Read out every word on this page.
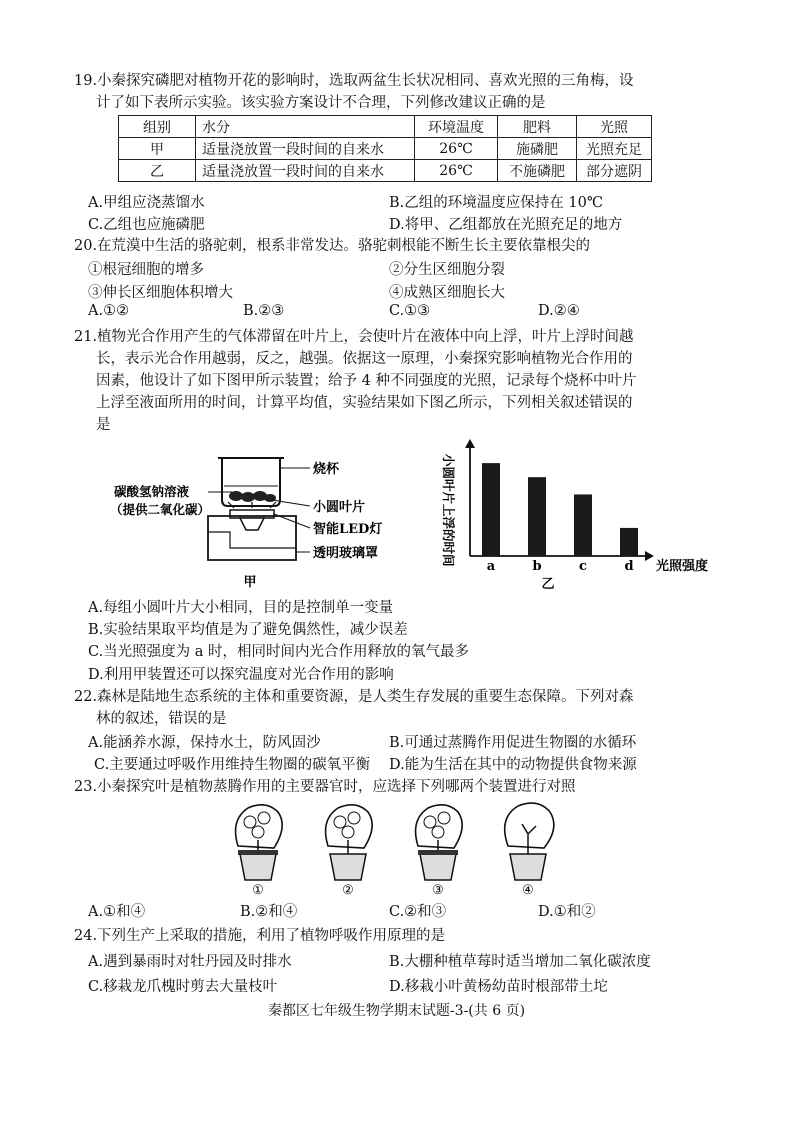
19.小秦探究磷肥对植物开花的影响时，选取两盆生长状况相同、喜欢光照的三角梅，设
计了如下表所示实验。该实验方案设计不合理，下列修改建议正确的是
组别	水分	环境温度	肥料	光照
甲	适量浇放置一段时间的自来水	26℃	施磷肥	光照充足
乙	适量浇放置一段时间的自来水	26℃	不施磷肥	部分遮阴
A.甲组应浇蒸馏水	B.乙组的环境温度应保持在 10℃
C.乙组也应施磷肥	D.将甲、乙组都放在光照充足的地方
20.在荒漠中生活的骆驼刺，根系非常发达。骆驼刺根能不断生长主要依靠根尖的
①根冠细胞的增多	②分生区细胞分裂
③伸长区细胞体积增大	④成熟区细胞长大
A.①②	B.②③	C.①③	D.②④
21.植物光合作用产生的气体滞留在叶片上，会使叶片在液体中向上浮，叶片上浮时间越
长，表示光合作用越弱，反之，越强。依据这一原理，小秦探究影响植物光合作用的
因素，他设计了如下图甲所示装置；给予 4 种不同强度的光照，记录每个烧杯中叶片
上浮至液面所用的时间，计算平均值，实验结果如下图乙所示，下列相关叙述错误的
是
烧杯
碳酸氢钠溶液
（提供二氧化碳）	小圆叶片
智能LED灯
透明玻璃罩
甲
小圆叶片上浮的时间 a	b	c	d 光照强度
乙
A.每组小圆叶片大小相同，目的是控制单一变量
B.实验结果取平均值是为了避免偶然性，减少误差
C.当光照强度为 a 时，相同时间内光合作用释放的氧气最多
D.利用甲装置还可以探究温度对光合作用的影响
22.森林是陆地生态系统的主体和重要资源，是人类生存发展的重要生态保障。下列对森
林的叙述，错误的是
A.能涵养水源，保持水土，防风固沙	B.可通过蒸腾作用促进生物圈的水循环
C.主要通过呼吸作用维持生物圈的碳氧平衡 D.能为生活在其中的动物提供食物来源
23.小秦探究叶是植物蒸腾作用的主要器官时，应选择下列哪两个装置进行对照
①	②	③	④
A.①和④	B.②和④	C.②和③	D.①和②
24.下列生产上采取的措施，利用了植物呼吸作用原理的是
A.遇到暴雨时对牡丹园及时排水	B.大棚种植草莓时适当增加二氧化碳浓度
C.移栽龙爪槐时剪去大量枝叶	D.移栽小叶黄杨幼苗时根部带土坨
秦都区七年级生物学期末试题-3-(共 6 页)
